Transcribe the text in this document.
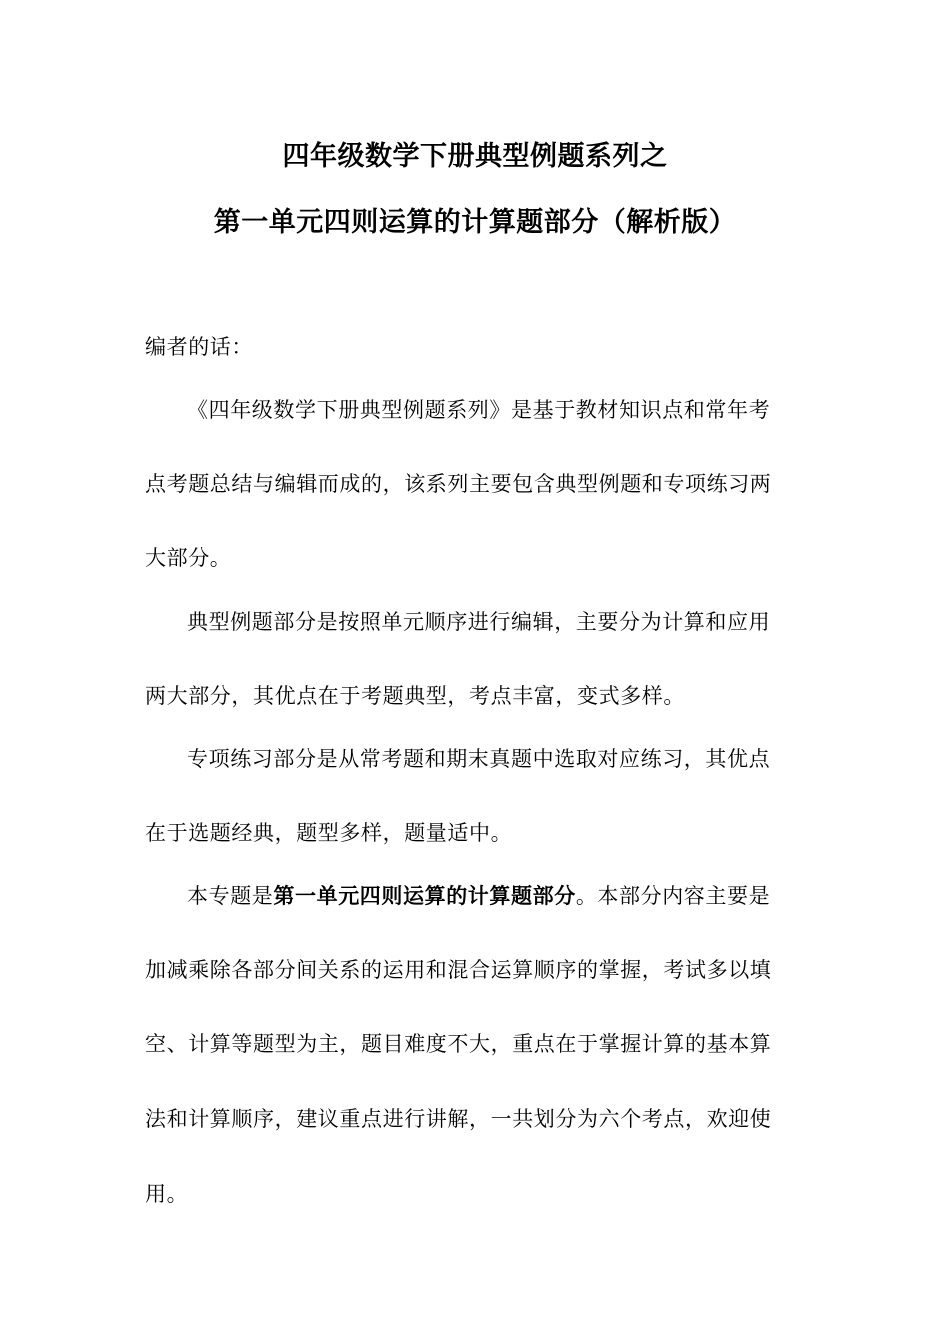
四年级数学下册典型例题系列之
第一单元四则运算的计算题部分（解析版）
编者的话：
《四年级数学下册典型例题系列》是基于教材知识点和常年考
点考题总结与编辑而成的，该系列主要包含典型例题和专项练习两
大部分。
典型例题部分是按照单元顺序进行编辑，主要分为计算和应用
两大部分，其优点在于考题典型，考点丰富，变式多样。
专项练习部分是从常考题和期末真题中选取对应练习，其优点
在于选题经典，题型多样，题量适中。
本专题是第一单元四则运算的计算题部分。本部分内容主要是
加减乘除各部分间关系的运用和混合运算顺序的掌握，考试多以填
空、计算等题型为主，题目难度不大，重点在于掌握计算的基本算
法和计算顺序，建议重点进行讲解，一共划分为六个考点，欢迎使
用。
